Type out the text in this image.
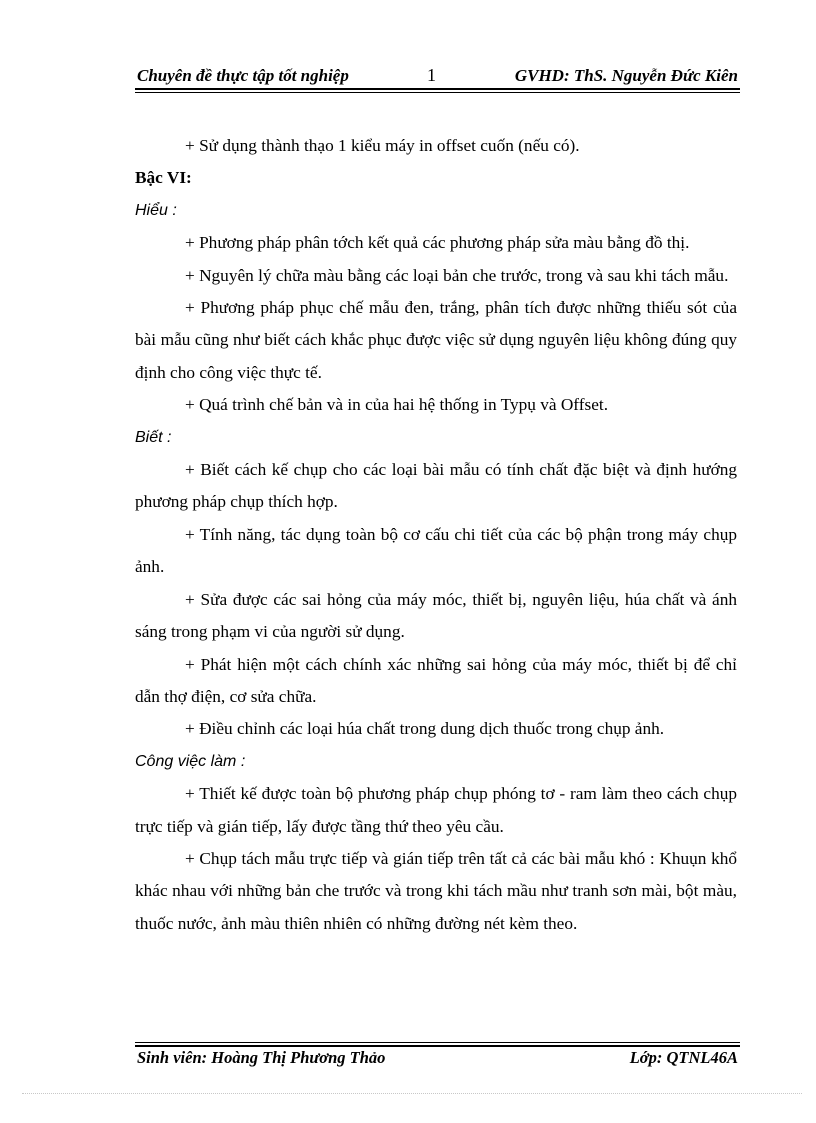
Chuyên đề thực tập tốt nghiệp	1	GVHD: ThS. Nguyễn Đức Kiên

+ Sử dụng thành thạo 1 kiểu máy in offset cuốn (nếu có).

Bậc VI:

Hiểu :

+ Phương pháp phân tớch kết quả các phương pháp sửa màu bằng đồ thị.

+ Nguyên lý chữa màu bằng các loại bản che trước, trong và sau khi tách mẫu.

+ Phương pháp phục chế mẫu đen, trắng, phân tích được những thiếu sót của bài mẫu cũng như biết cách khắc phục được việc sử dụng nguyên liệu không đúng quy định cho công việc thực tế.

+ Quá trình chế bản và in của hai hệ thống in Typụ và Offset.

Biết :

+ Biết cách kế chụp cho các loại bài mẫu có tính chất đặc biệt và định hướng phương pháp chụp thích hợp.

+ Tính năng, tác dụng toàn bộ cơ cấu chi tiết của các bộ phận trong máy chụp ảnh.

+ Sửa được các sai hỏng của máy móc, thiết bị, nguyên liệu, húa chất và ánh sáng trong phạm vi của người sử dụng.

+ Phát hiện một cách chính xác những sai hỏng của máy móc, thiết bị để chỉ dẫn thợ điện, cơ sửa chữa.

+ Điều chỉnh các loại húa chất trong dung dịch thuốc trong chụp ảnh.

Công việc làm :

+ Thiết kế được toàn bộ phương pháp chụp phóng tơ - ram làm theo cách chụp trực tiếp và gián tiếp, lấy được tầng thứ theo yêu cầu.

+ Chụp tách mẫu trực tiếp và gián tiếp trên tất cả các bài mẫu khó : Khuụn khổ khác nhau với những bản che trước và trong khi tách mầu như tranh sơn mài, bột màu, thuốc nước, ảnh màu thiên nhiên có những đường nét kèm theo.

Sinh viên: Hoàng Thị Phương Thảo	Lớp: QTNL46A
